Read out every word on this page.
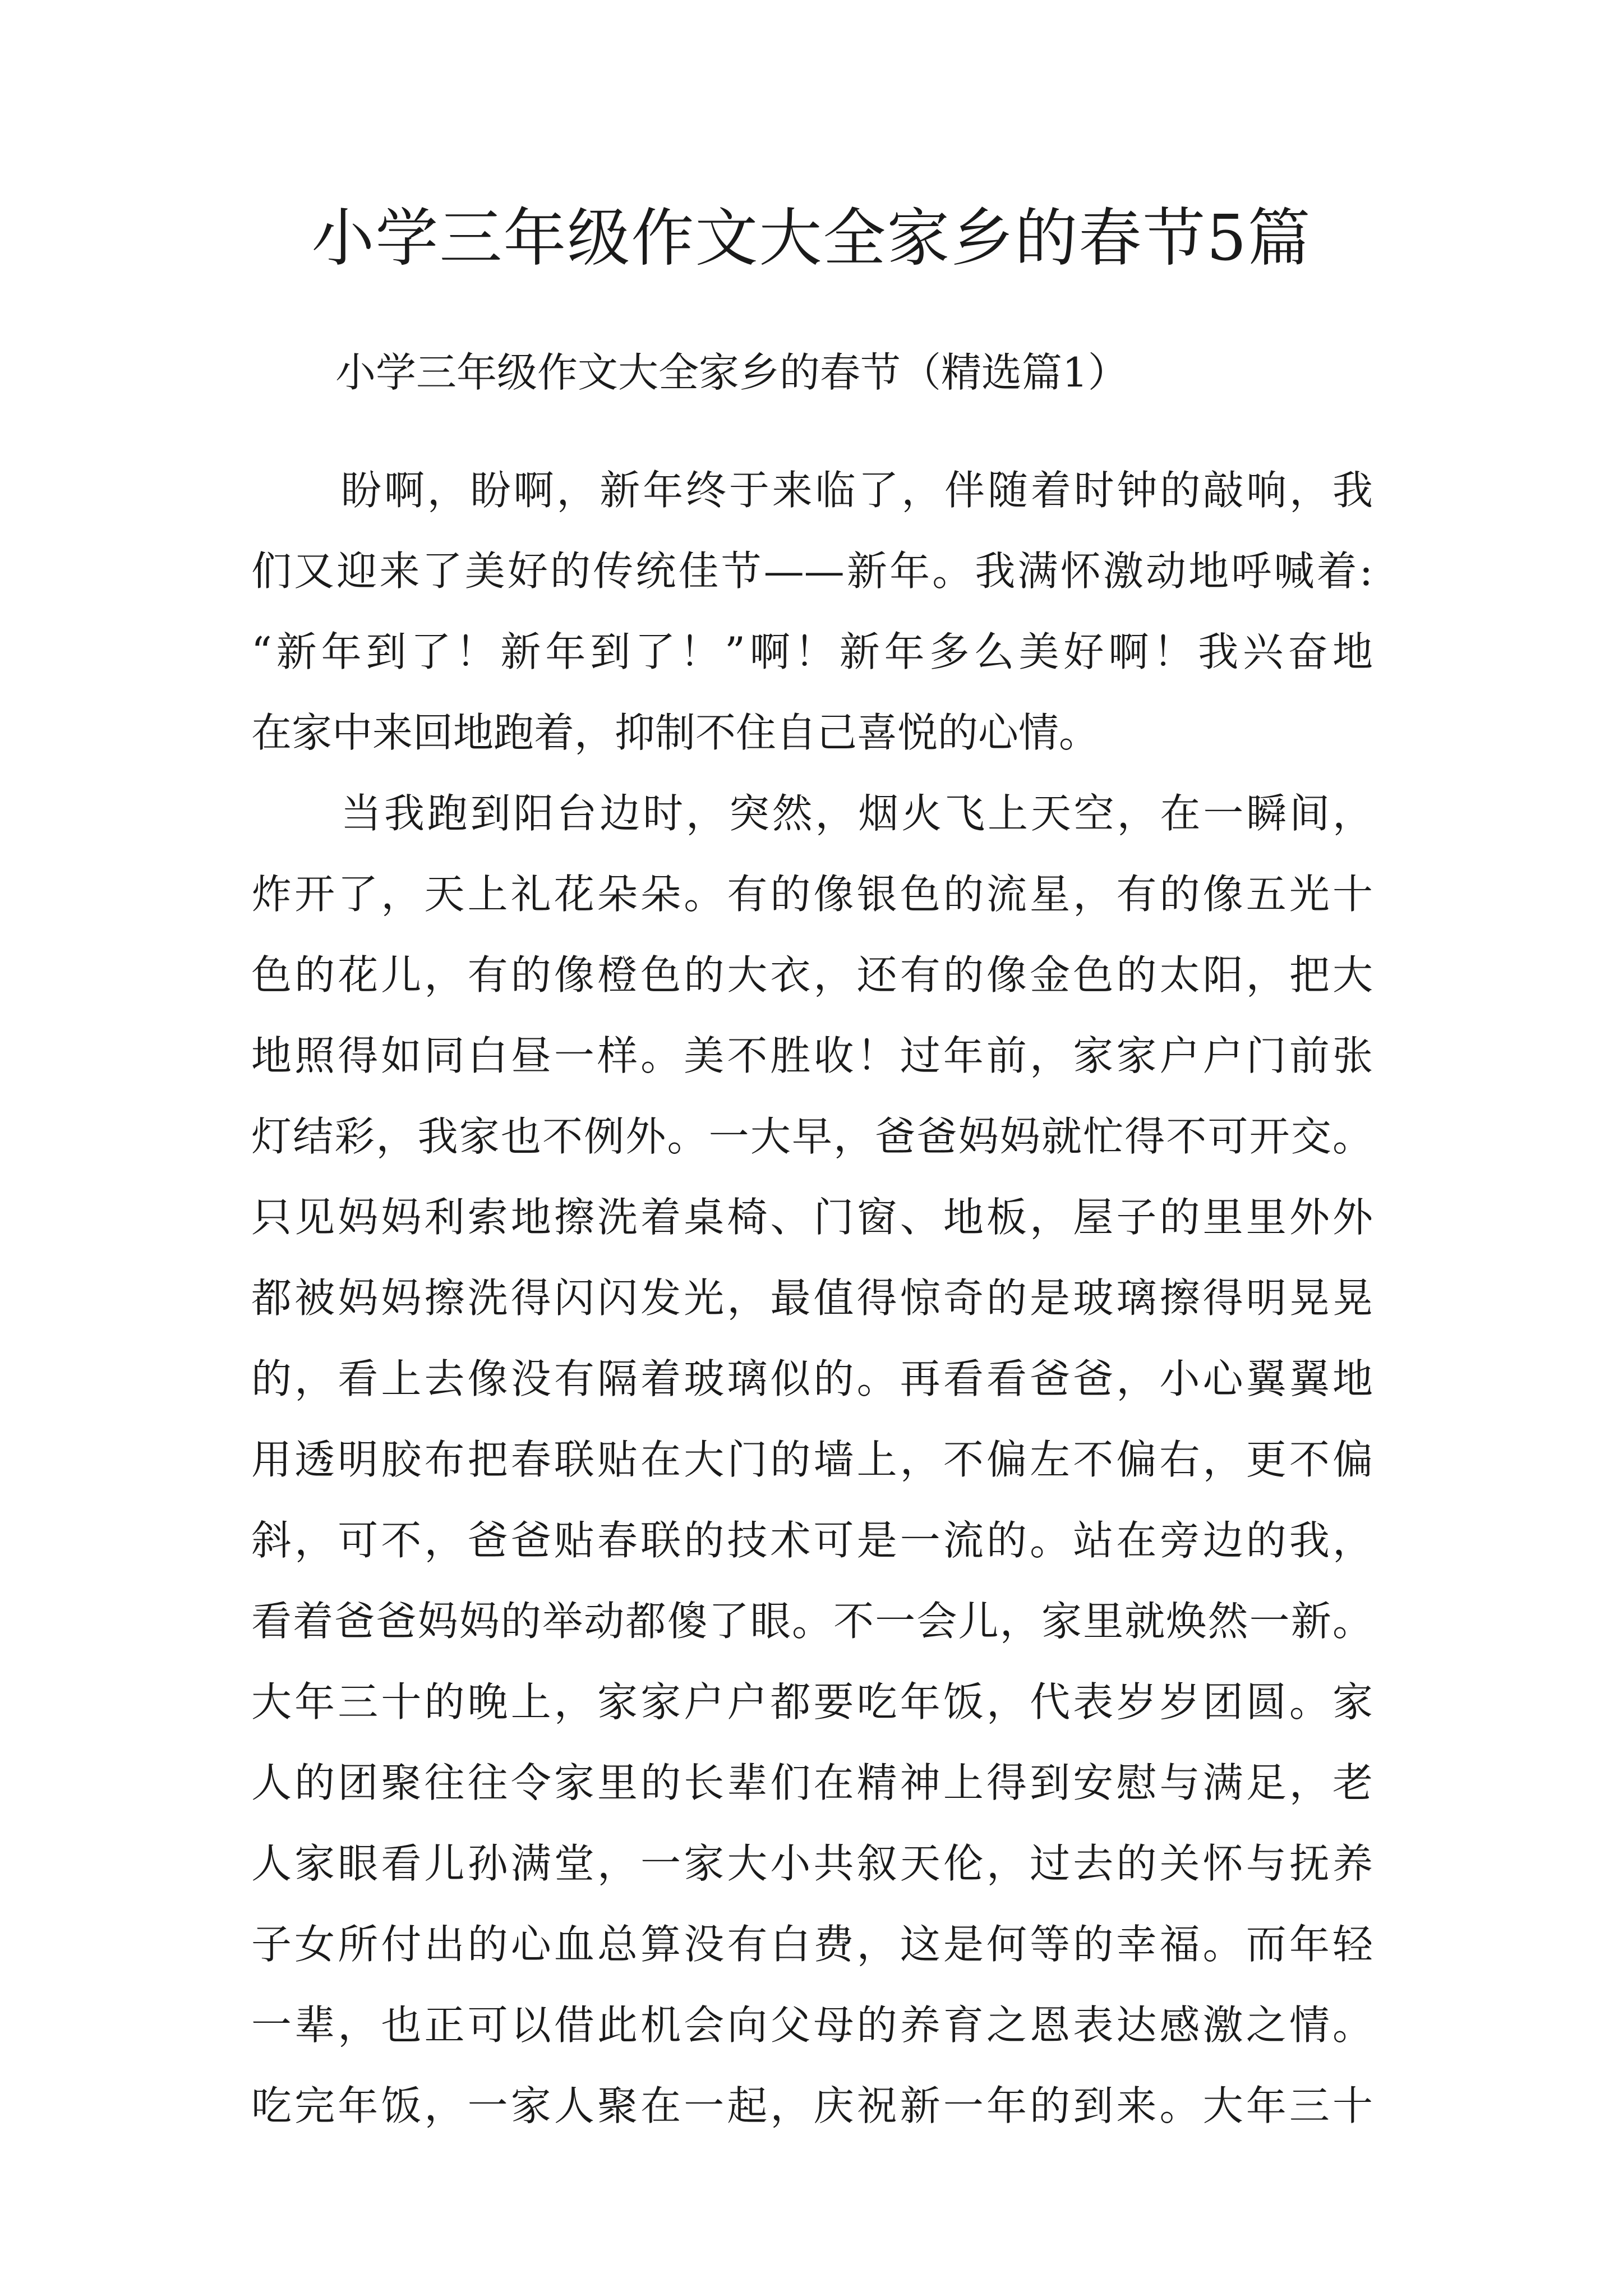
小学三年级作文大全家乡的春节5篇

小学三年级作文大全家乡的春节（精选篇1）

盼啊，盼啊，新年终于来临了，伴随着时钟的敲响，我
们又迎来了美好的传统佳节——新年。我满怀激动地呼喊着:
“新年到了！新年到了！”啊！新年多么美好啊！我兴奋地
在家中来回地跑着，抑制不住自己喜悦的心情。
当我跑到阳台边时，突然，烟火飞上天空，在一瞬间，
炸开了，天上礼花朵朵。有的像银色的流星，有的像五光十
色的花儿，有的像橙色的大衣，还有的像金色的太阳，把大
地照得如同白昼一样。美不胜收！过年前，家家户户门前张
灯结彩，我家也不例外。一大早，爸爸妈妈就忙得不可开交。
只见妈妈利索地擦洗着桌椅、门窗、地板，屋子的里里外外
都被妈妈擦洗得闪闪发光，最值得惊奇的是玻璃擦得明晃晃
的，看上去像没有隔着玻璃似的。再看看爸爸，小心翼翼地
用透明胶布把春联贴在大门的墙上，不偏左不偏右，更不偏
斜，可不，爸爸贴春联的技术可是一流的。站在旁边的我，
看着爸爸妈妈的举动都傻了眼。不一会儿，家里就焕然一新。
大年三十的晚上，家家户户都要吃年饭，代表岁岁团圆。家
人的团聚往往令家里的长辈们在精神上得到安慰与满足，老
人家眼看儿孙满堂，一家大小共叙天伦，过去的关怀与抚养
子女所付出的心血总算没有白费，这是何等的幸福。而年轻
一辈，也正可以借此机会向父母的养育之恩表达感激之情。
吃完年饭，一家人聚在一起，庆祝新一年的到来。大年三十
